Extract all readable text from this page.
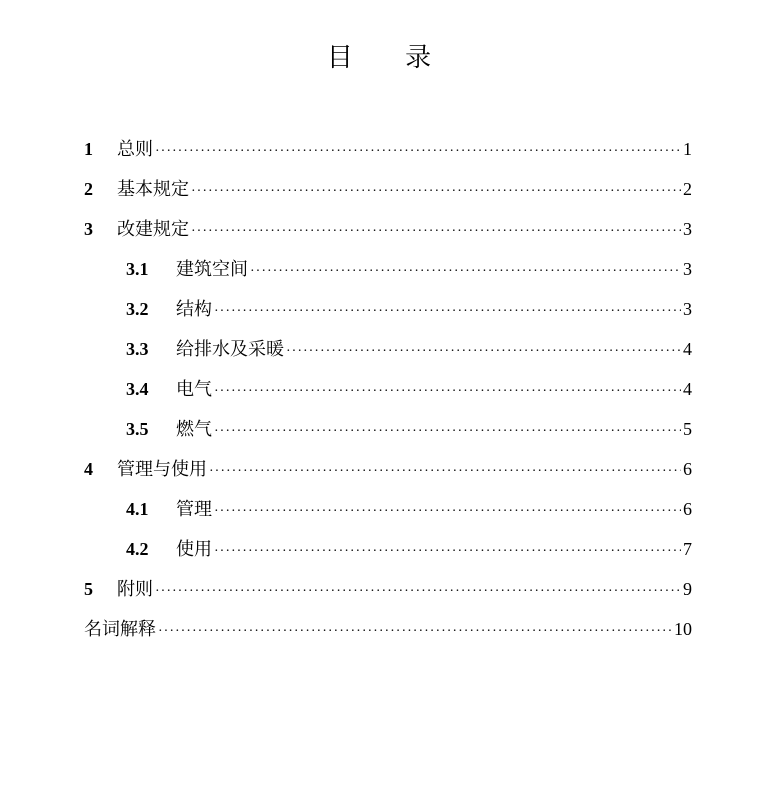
目 录
1	总则 ·····	1
2	基本规定 ·····	2
3	改建规定 ·····	3
3.1	建筑空间 ·····	3
3.2	结构 ·····	3
3.3	给排水及采暖 ·····	4
3.4	电气 ·····	4
3.5	燃气 ·····	5
4	管理与使用 ·····	6
4.1	管理 ·····	6
4.2	使用 ·····	7
5	附则 ·····	9
名词解释 ·····	10
